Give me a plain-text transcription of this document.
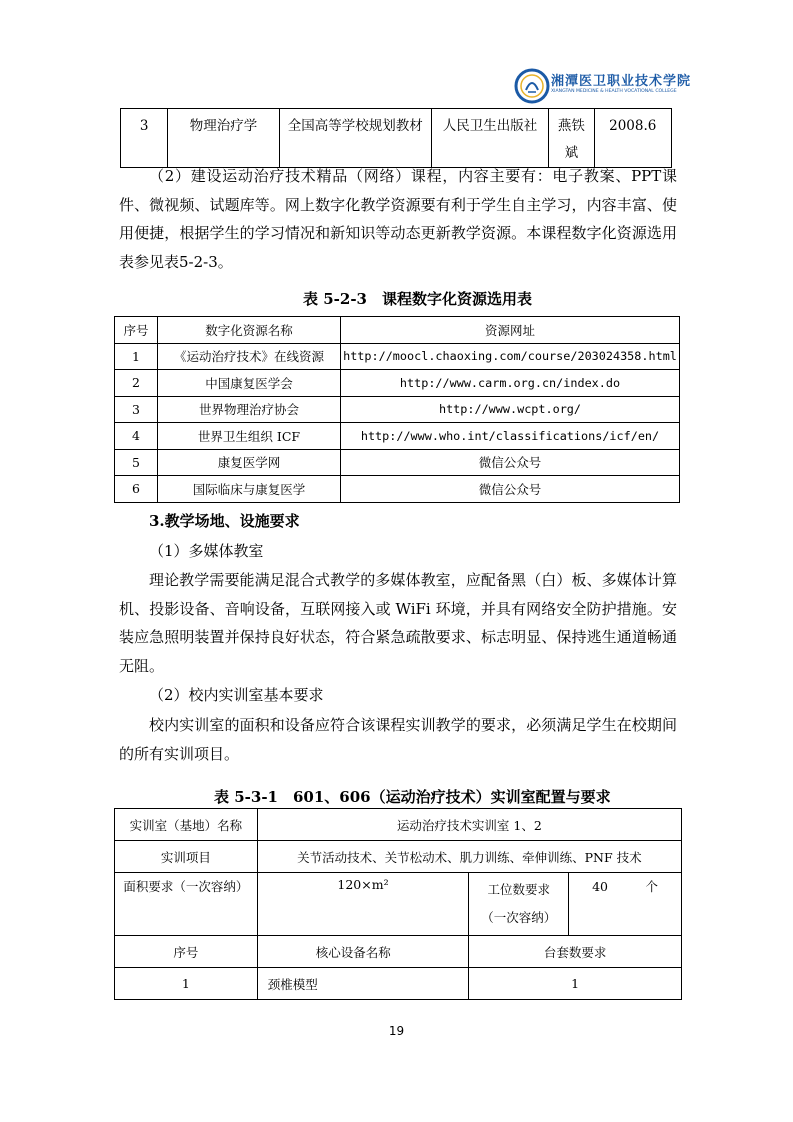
湘潭医卫职业技术学院
XIANGTAN MEDICINE & HEALTH VOCATIONAL COLLEGE
3	物理治疗学	全国高等学校规划教材	人民卫生出版社	燕铁斌	2008.6
（2）建设运动治疗技术精品（网络）课程，内容主要有：电子教案、PPT课件、微视频、试题库等。网上数字化教学资源要有利于学生自主学习，内容丰富、使用便捷，根据学生的学习情况和新知识等动态更新教学资源。本课程数字化资源选用表参见表5-2-3。
表 5-2-3　课程数字化资源选用表
序号	数字化资源名称	资源网址
1	《运动治疗技术》在线资源	http://moocl.chaoxing.com/course/203024358.html
2	中国康复医学会	http://www.carm.org.cn/index.do
3	世界物理治疗协会	http://www.wcpt.org/
4	世界卫生组织 ICF	http://www.who.int/classifications/icf/en/
5	康复医学网	微信公众号
6	国际临床与康复医学	微信公众号
3.教学场地、设施要求
（1）多媒体教室
理论教学需要能满足混合式教学的多媒体教室，应配备黑（白）板、多媒体计算机、投影设备、音响设备，互联网接入或 WiFi 环境，并具有网络安全防护措施。安装应急照明装置并保持良好状态，符合紧急疏散要求、标志明显、保持逃生通道畅通无阻。
（2）校内实训室基本要求
校内实训室的面积和设备应符合该课程实训教学的要求，必须满足学生在校期间的所有实训项目。
表 5-3-1　601、606（运动治疗技术）实训室配置与要求
实训室（基地）名称	运动治疗技术实训室 1、2		
实训项目	关节活动技术、关节松动术、肌力训练、牵伸训练、PNF 技术		
面积要求（一次容纳）	120×m²	工位数要求（一次容纳）	40　　　个
序号	核心设备名称	台套数要求	
1	颈椎模型	1	
19
